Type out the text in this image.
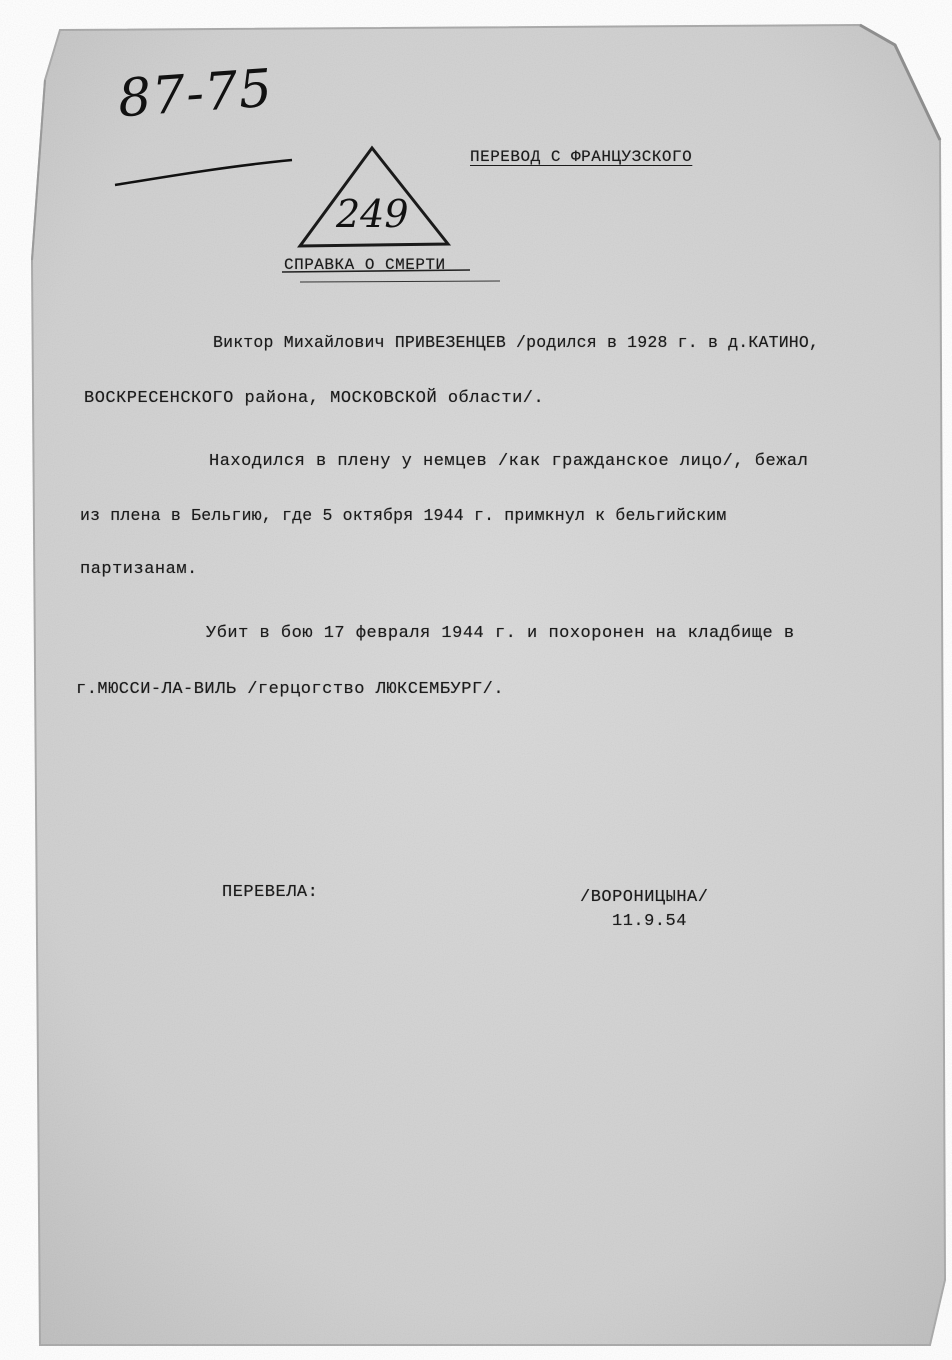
87-75
249
ПЕРЕВОД С ФРАНЦУЗСКОГО
СПРАВКА О СМЕРТИ
Виктор Михайлович ПРИВЕЗЕНЦЕВ /родился в 1928 г. в д.КАТИНО,
ВОСКРЕСЕНСКОГО района, МОСКОВСКОЙ области/.
Находился в плену у немцев /как гражданское лицо/, бежал
из плена в Бельгию, где 5 октября 1944 г. примкнул к бельгийским
партизанам.
Убит в бою 17 февраля 1944 г. и похоронен на кладбище в
г.МЮССИ-ЛА-ВИЛЬ /герцогство ЛЮКСЕМБУРГ/.
ПЕРЕВЕЛА:	/ВОРОНИЦЫНА/
11.9.54
